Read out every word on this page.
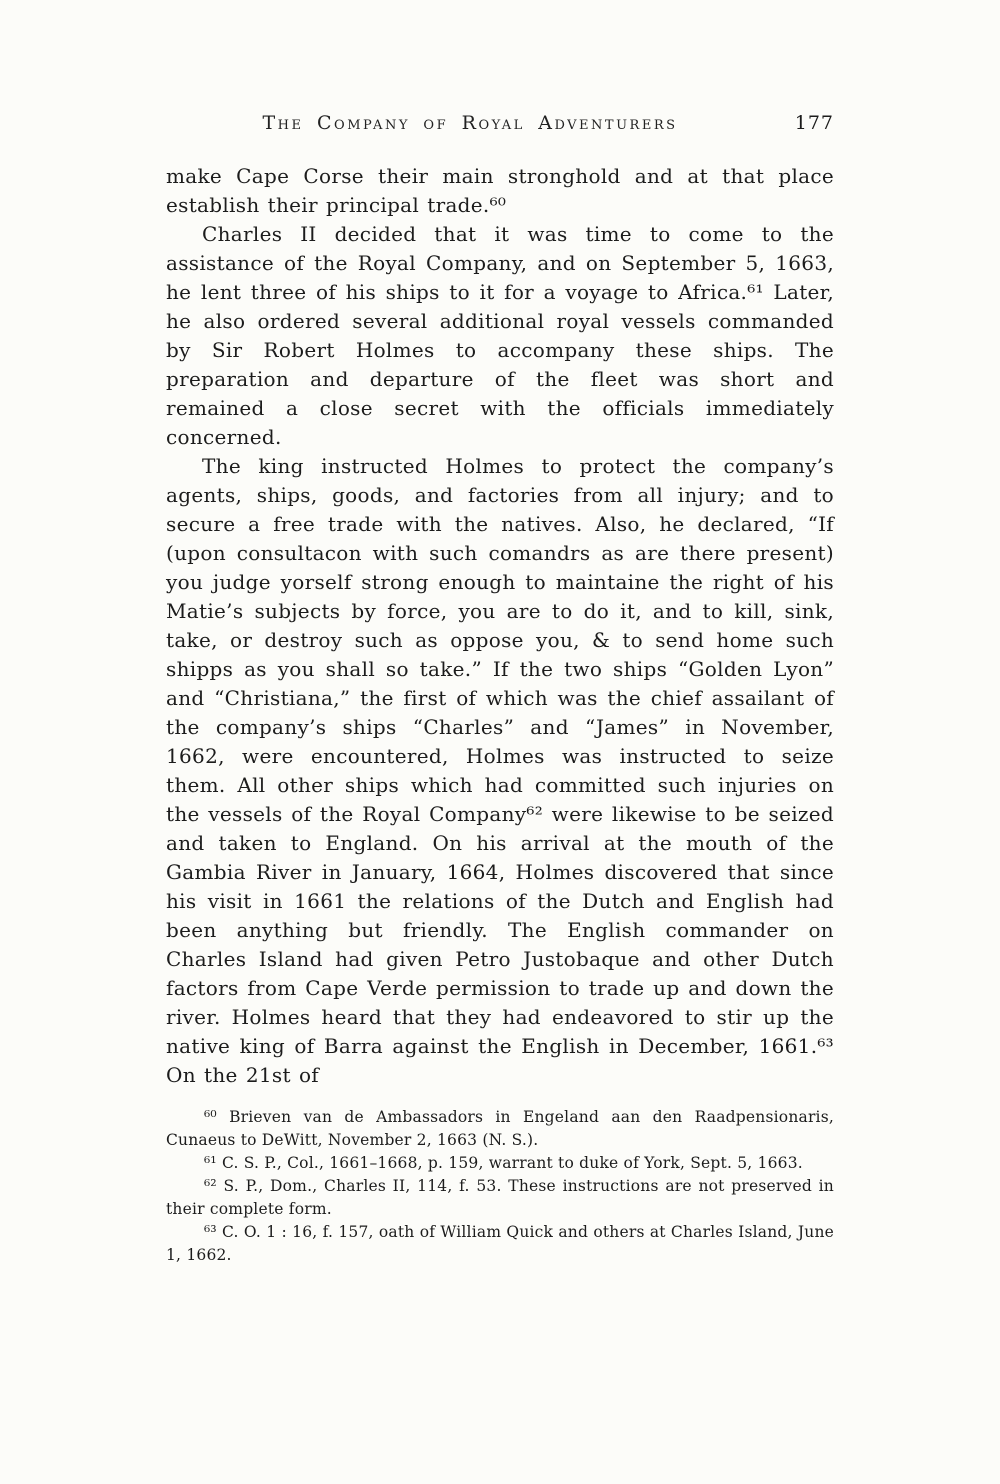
The Company of Royal Adventurers	177

make Cape Corse their main stronghold and at that place establish their principal trade.⁶⁰

Charles II decided that it was time to come to the assistance of the Royal Company, and on September 5, 1663, he lent three of his ships to it for a voyage to Africa.⁶¹ Later, he also ordered several additional royal vessels commanded by Sir Robert Holmes to accompany these ships. The preparation and departure of the fleet was short and remained a close secret with the officials immediately concerned.

The king instructed Holmes to protect the company’s agents, ships, goods, and factories from all injury; and to secure a free trade with the natives. Also, he declared, “If (upon consultacon with such comandrs as are there present) you judge yorself strong enough to maintaine the right of his Matie’s subjects by force, you are to do it, and to kill, sink, take, or destroy such as oppose you, & to send home such shipps as you shall so take.” If the two ships “Golden Lyon” and “Christiana,” the first of which was the chief assailant of the company’s ships “Charles” and “James” in November, 1662, were encountered, Holmes was instructed to seize them. All other ships which had committed such injuries on the vessels of the Royal Company⁶² were likewise to be seized and taken to England. On his arrival at the mouth of the Gambia River in January, 1664, Holmes discovered that since his visit in 1661 the relations of the Dutch and English had been anything but friendly. The English commander on Charles Island had given Petro Justobaque and other Dutch factors from Cape Verde permission to trade up and down the river. Holmes heard that they had endeavored to stir up the native king of Barra against the English in December, 1661.⁶³ On the 21st of

⁶⁰ Brieven van de Ambassadors in Engeland aan den Raadpensionaris, Cunaeus to DeWitt, November 2, 1663 (N. S.).

⁶¹ C. S. P., Col., 1661–1668, p. 159, warrant to duke of York, Sept. 5, 1663.

⁶² S. P., Dom., Charles II, 114, f. 53. These instructions are not preserved in their complete form.

⁶³ C. O. 1 : 16, f. 157, oath of William Quick and others at Charles Island, June 1, 1662.
